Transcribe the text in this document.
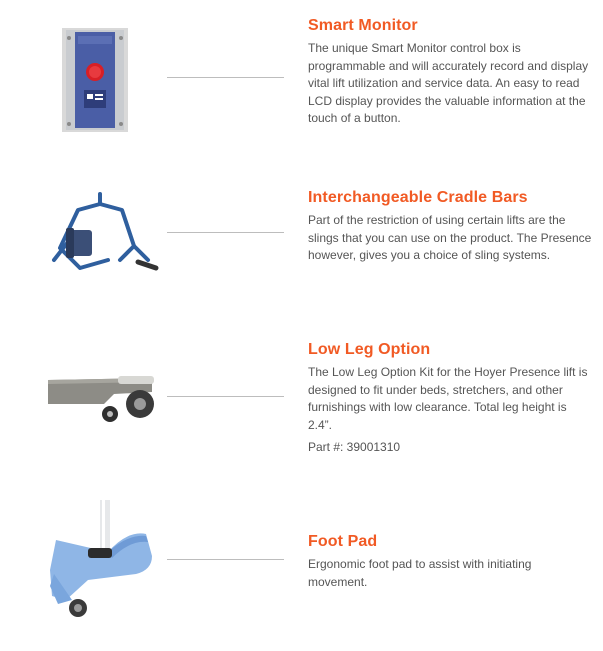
Smart Monitor

The unique Smart Monitor control box is programmable and will accurately record and display vital lift utilization and service data. An easy to read LCD display provides the valuable information at the touch of a button.

Interchangeable Cradle Bars

Part of the restriction of using certain lifts are the slings that you can use on the product. The Presence however, gives you a choice of sling systems.

Low Leg Option

The Low Leg Option Kit for the Hoyer Presence lift is designed to fit under beds, stretchers, and other furnishings with low clearance. Total leg height is 2.4”.

Part #: 39001310

Foot Pad

Ergonomic foot pad to assist with initiating movement.
